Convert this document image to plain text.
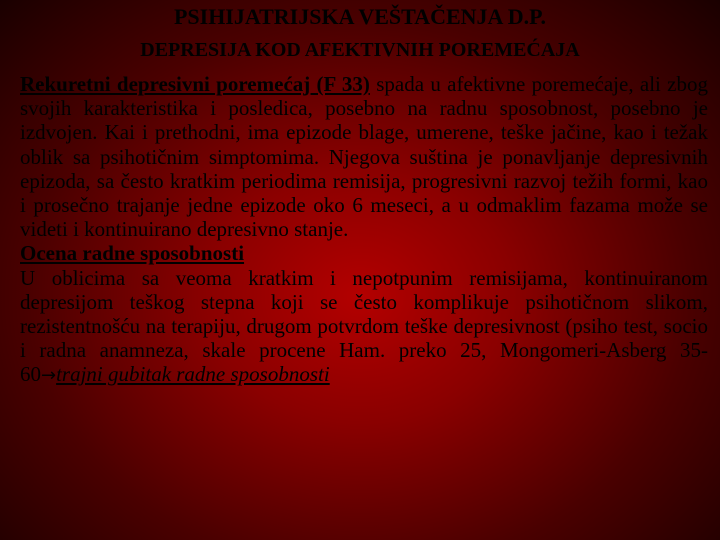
PSIHIJATRIJSKA VEŠTAČENJA D.P.
DEPRESIJA KOD AFEKTIVNIH POREMEĆAJA

Rekuretni depresivni poremećaj (F 33) spada u afektivne poremećaje, ali zbog svojih karakteristika i posledica, posebno na radnu sposobnost, posebno je izdvojen. Kai i prethodni, ima epizode blage, umerene, teške jačine, kao i težak oblik sa psihotičnim simptomima. Njegova suština je ponavljanje depresivnih epizoda, sa često kratkim periodima remisija, progresivni razvoj težih formi, kao i prosečno trajanje jedne epizode oko 6 meseci, a u odmaklim fazama može se videti i kontinuirano depresivno stanje.

Ocena radne sposobnosti

U oblicima sa veoma kratkim i nepotpunim remisijama, kontinuiranom depresijom teškog stepna koji se često komplikuje psihotičnom slikom, rezistentnošću na terapiju, drugom potvrdom teške depresivnost (psiho test, socio i radna anamneza, skale procene Ham. preko 25, Mongomeri-Asberg 35-60→trajni gubitak radne sposobnosti
